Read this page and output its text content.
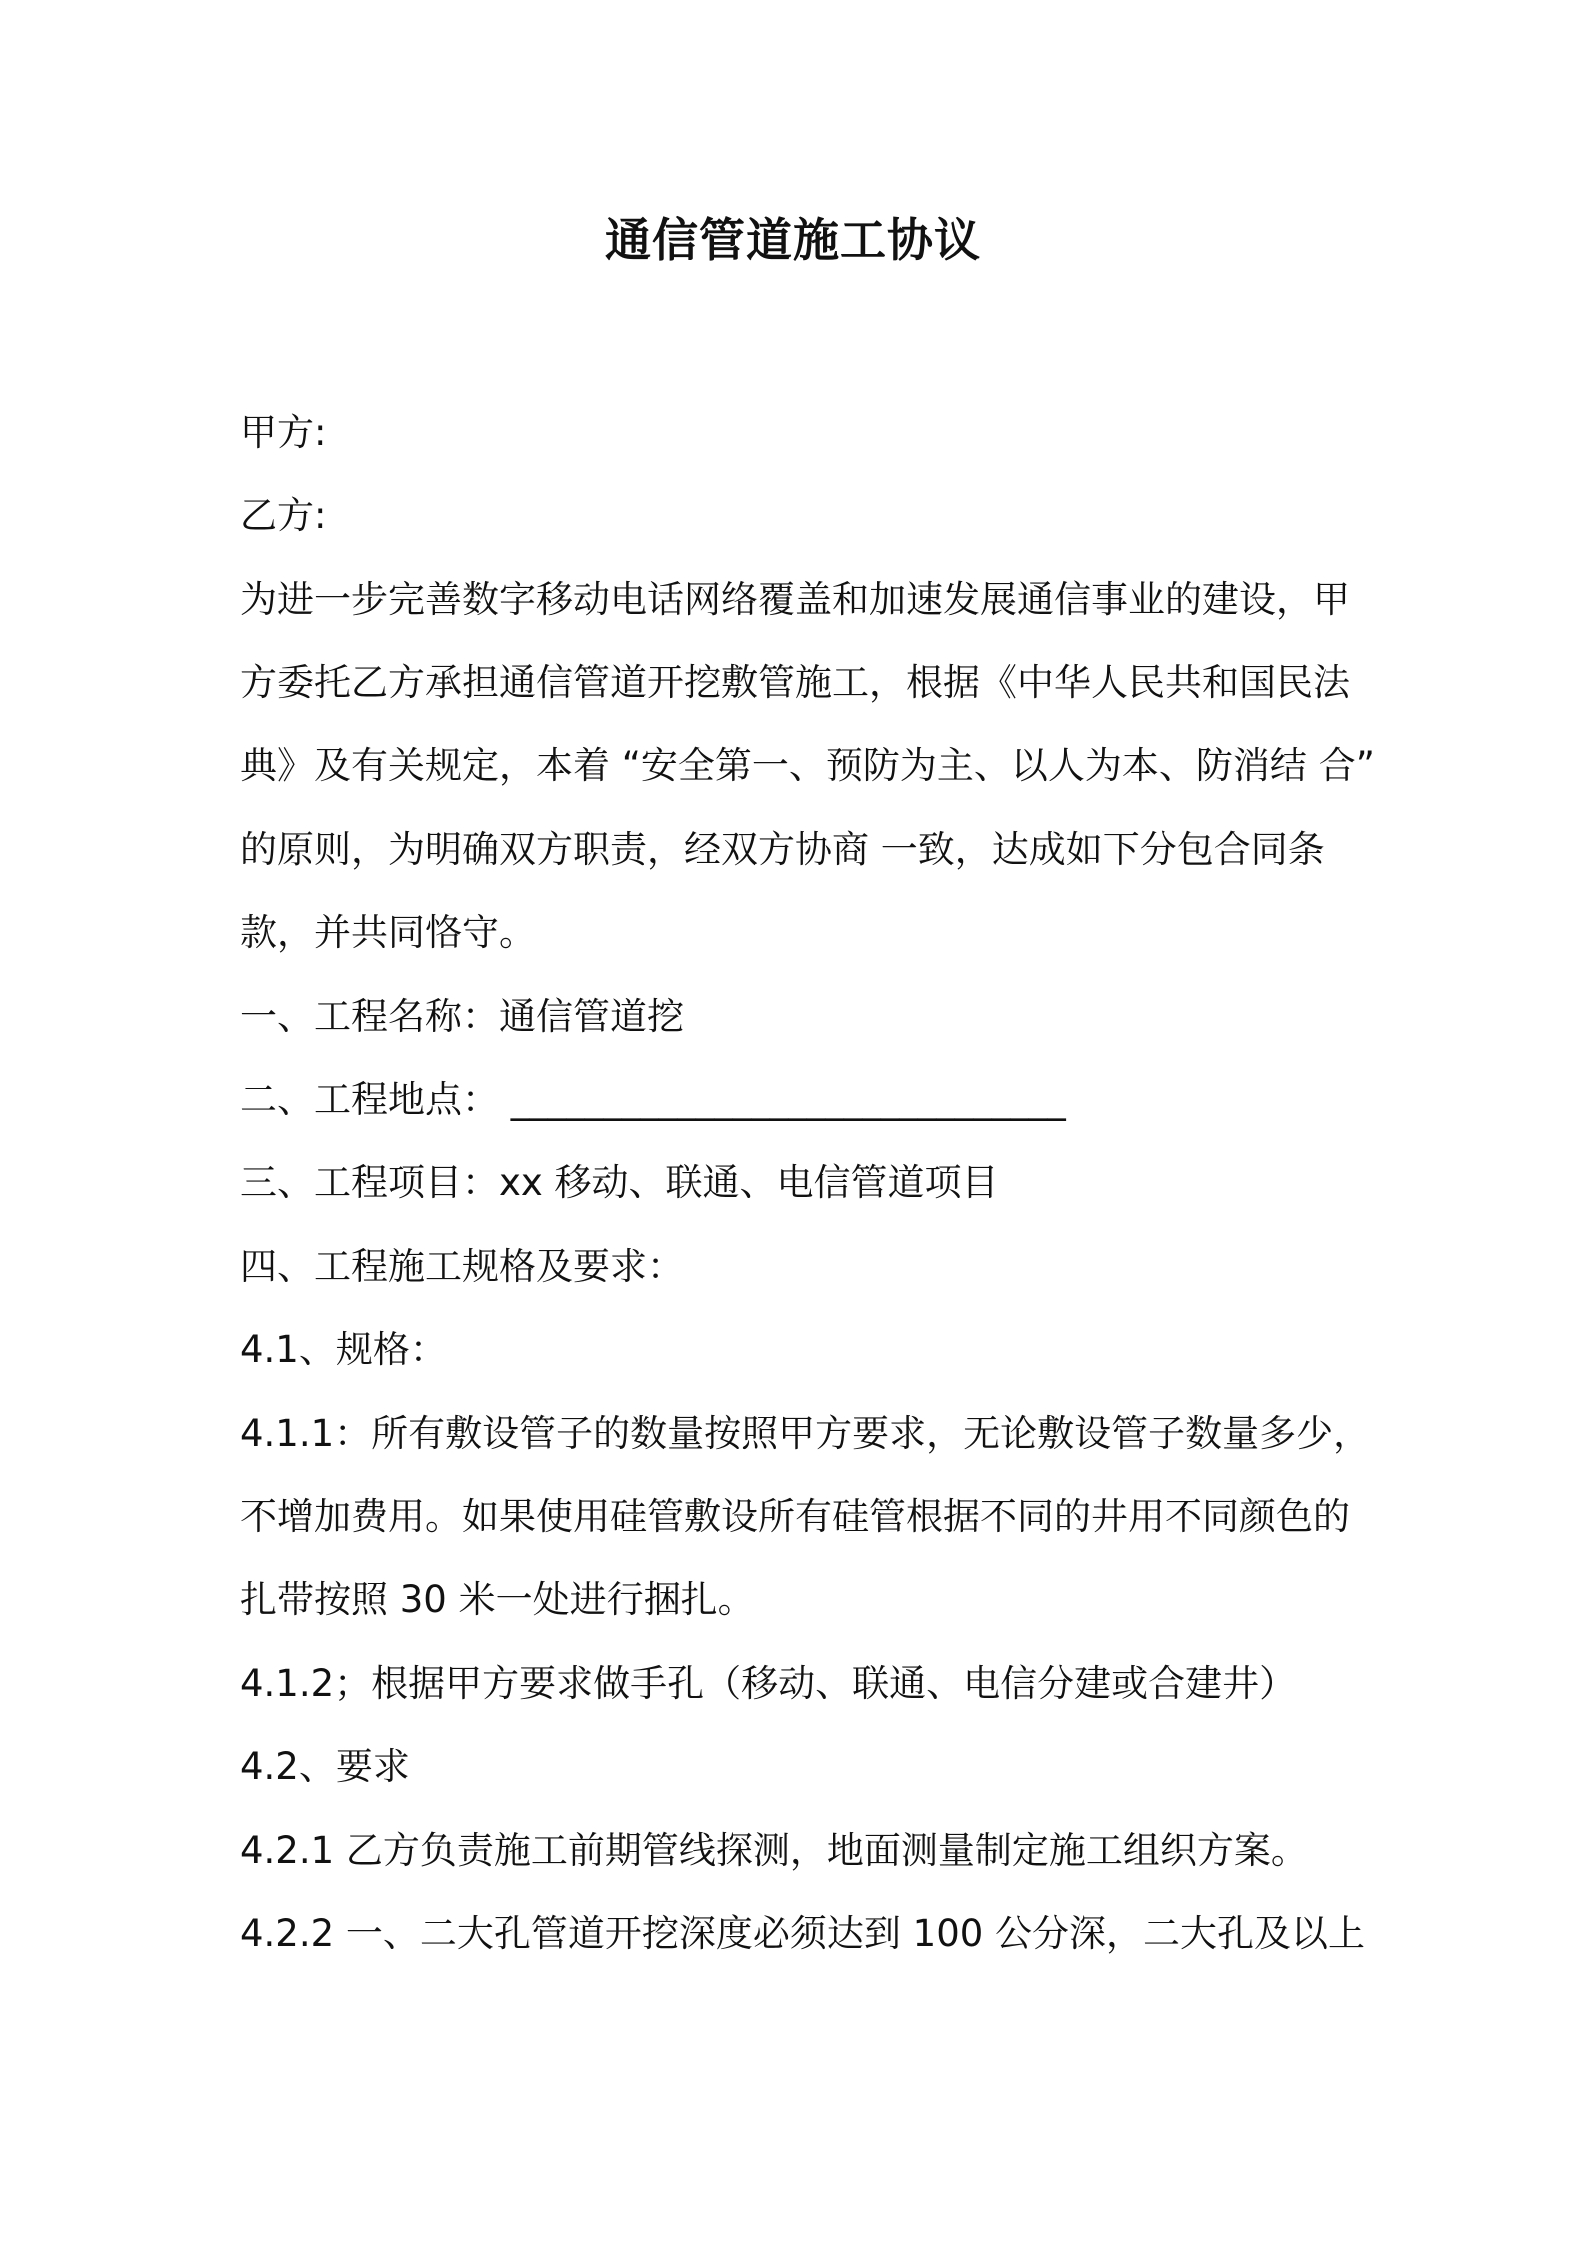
通信管道施工协议
甲方:
乙方:
为进一步完善数字移动电话网络覆盖和加速发展通信事业的建设，甲
方委托乙方承担通信管道开挖敷管施工，根据《中华人民共和国民法
典》及有关规定，本着 “安全第一、预防为主、以人为本、防消结 合”
的原则，为明确双方职责，经双方协商 一致，达成如下分包合同条
款，并共同恪守。
一、工程名称：通信管道挖
二、工程地点： ______________________________
三、工程项目：xx 移动、联通、电信管道项目
四、工程施工规格及要求：
4.1、规格：
4.1.1：所有敷设管子的数量按照甲方要求，无论敷设管子数量多少，
不增加费用。如果使用硅管敷设所有硅管根据不同的井用不同颜色的
扎带按照 30 米一处进行捆扎。
4.1.2；根据甲方要求做手孔（移动、联通、电信分建或合建井）
4.2、要求
4.2.1 乙方负责施工前期管线探测，地面测量制定施工组织方案。
4.2.2 一、二大孔管道开挖深度必须达到 100 公分深，二大孔及以上
